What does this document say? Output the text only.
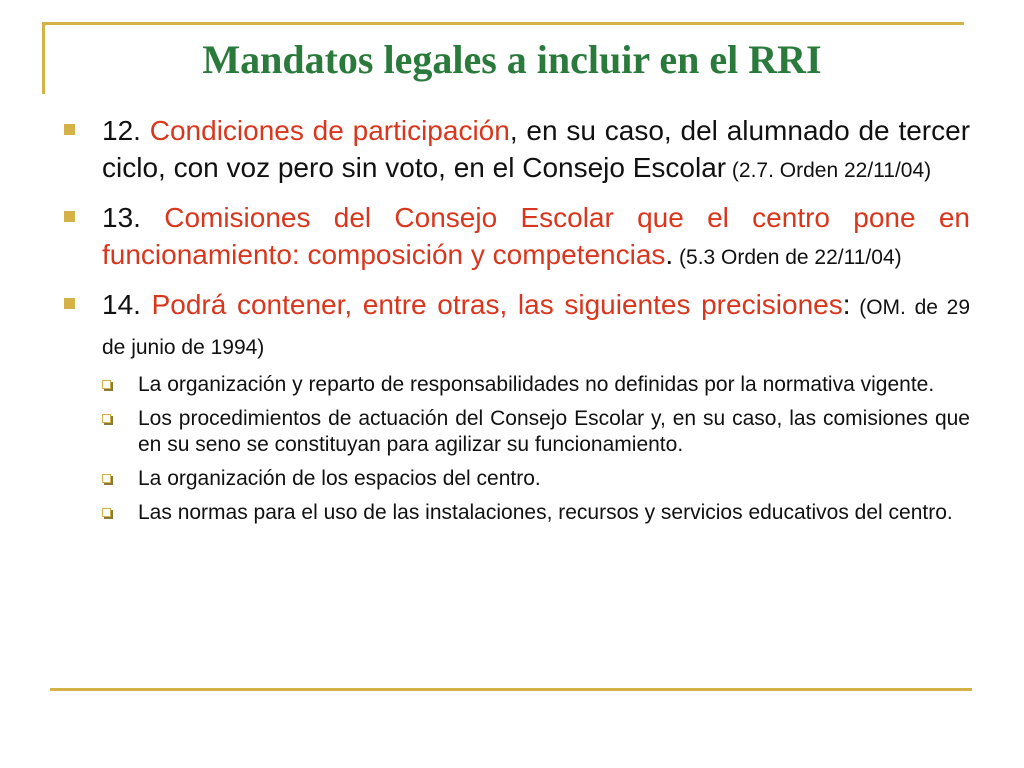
Mandatos legales a incluir en el RRI
12. Condiciones de participación, en su caso, del alumnado de tercer ciclo, con voz pero sin voto, en el Consejo Escolar (2.7. Orden 22/11/04)
13. Comisiones del Consejo Escolar que el centro pone en funcionamiento: composición y competencias. (5.3 Orden de 22/11/04)
14. Podrá contener, entre otras, las siguientes precisiones: (OM. de 29 de junio de 1994)
La organización y reparto de responsabilidades no definidas por la normativa vigente.
Los procedimientos de actuación del Consejo Escolar y, en su caso, las comisiones que en su seno se constituyan para agilizar su funcionamiento.
La organización de los espacios del centro.
Las normas para el uso de las instalaciones, recursos y servicios educativos del centro.
